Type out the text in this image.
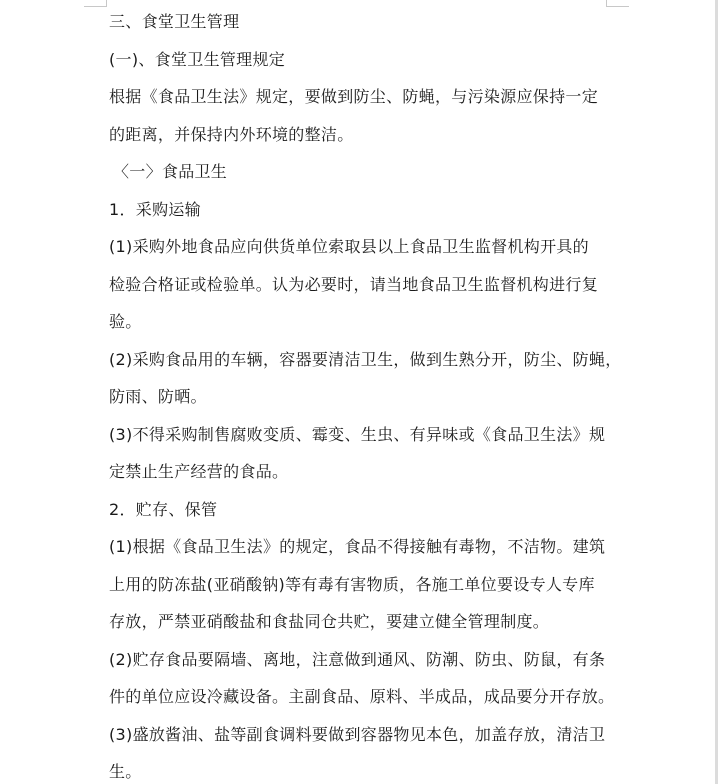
三、食堂卫生管理
(一)、食堂卫生管理规定
根据《食品卫生法》规定，要做到防尘、防蝇，与污染源应保持一定
的距离，并保持内外环境的整洁。
〈一〉食品卫生
1．采购运输
(1)采购外地食品应向供货单位索取县以上食品卫生监督机构开具的
检验合格证或检验单。认为必要时，请当地食品卫生监督机构进行复
验。
(2)采购食品用的车辆，容器要清洁卫生，做到生熟分开，防尘、防蝇，
防雨、防晒。
(3)不得采购制售腐败变质、霉变、生虫、有异味或《食品卫生法》规
定禁止生产经营的食品。
2．贮存、保管
(1)根据《食品卫生法》的规定，食品不得接触有毒物，不洁物。建筑
上用的防冻盐(亚硝酸钠)等有毒有害物质，各施工单位要设专人专库
存放，严禁亚硝酸盐和食盐同仓共贮，要建立健全管理制度。
(2)贮存食品要隔墙、离地，注意做到通风、防潮、防虫、防鼠，有条
件的单位应设冷藏设备。主副食品、原料、半成品，成品要分开存放。
(3)盛放酱油、盐等副食调料要做到容器物见本色，加盖存放，清洁卫
生。
